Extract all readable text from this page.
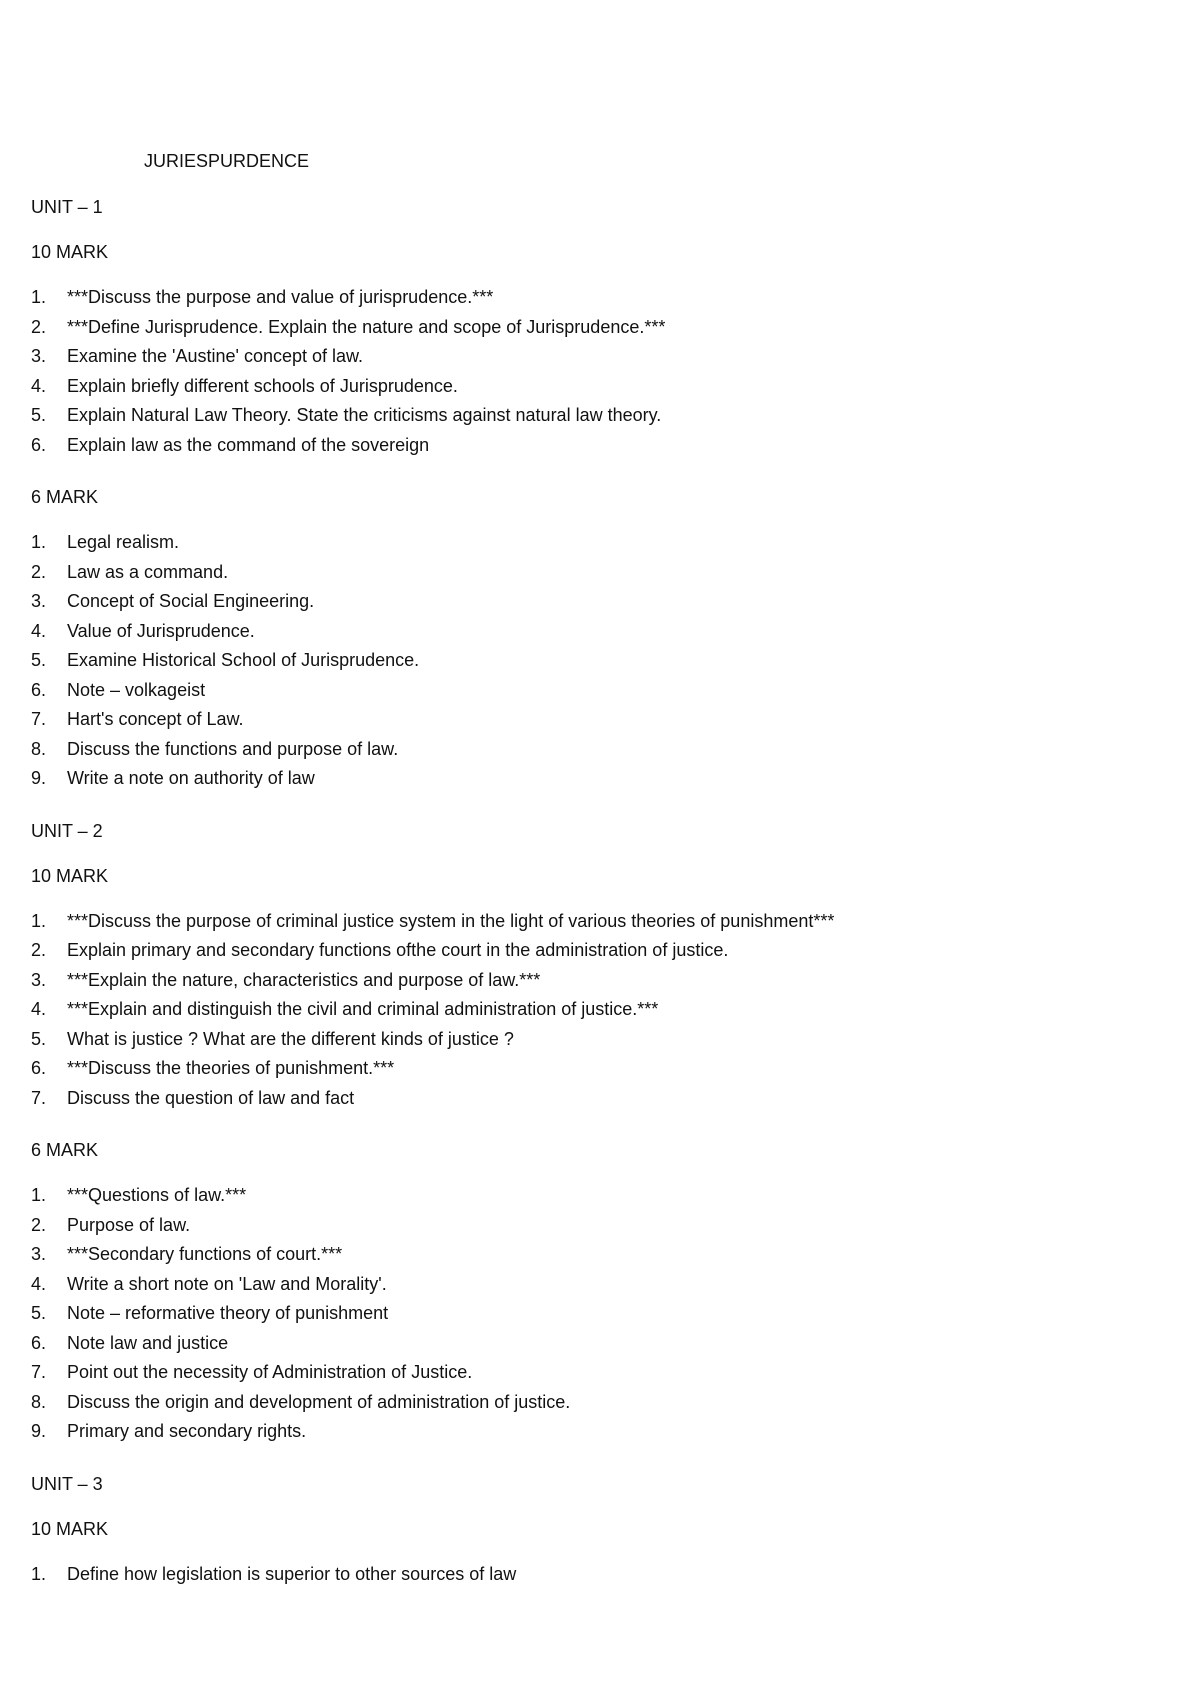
JURIESPURDENCE
UNIT – 1
10 MARK
1.	***Discuss the purpose and value of jurisprudence.***
2.	***Define Jurisprudence. Explain the nature and scope of Jurisprudence.***
3.	Examine the 'Austine' concept of law.
4.	Explain briefly different schools of Jurisprudence.
5.	Explain Natural Law Theory. State the criticisms against natural law theory.
6.	Explain law as the command of the sovereign
6 MARK
1.	Legal realism.
2.	Law as a command.
3.	Concept of Social Engineering.
4.	Value of Jurisprudence.
5.	Examine Historical School of Jurisprudence.
6.	Note – volkageist
7.	Hart's concept of Law.
8.	Discuss the functions and purpose of law.
9.	Write a note on authority of law
UNIT – 2
10 MARK
1.	***Discuss the purpose of criminal justice system in the light of various theories of punishment***
2.	Explain primary and secondary functions ofthe court in the administration of justice.
3.	***Explain the nature, characteristics and purpose of law.***
4.	***Explain and distinguish the civil and criminal administration of justice.***
5.	What is justice ? What are the different kinds of justice ?
6.	***Discuss the theories of punishment.***
7.	Discuss the question of law and fact
6 MARK
1.	***Questions of law.***
2.	Purpose of law.
3.	***Secondary functions of court.***
4.	Write a short note on 'Law and Morality'.
5.	Note – reformative theory of punishment
6.	Note law and justice
7.	Point out the necessity of Administration of Justice.
8.	Discuss the origin and development of administration of justice.
9.	Primary and secondary rights.
UNIT – 3
10 MARK
1.	Define how legislation is superior to other sources of law
